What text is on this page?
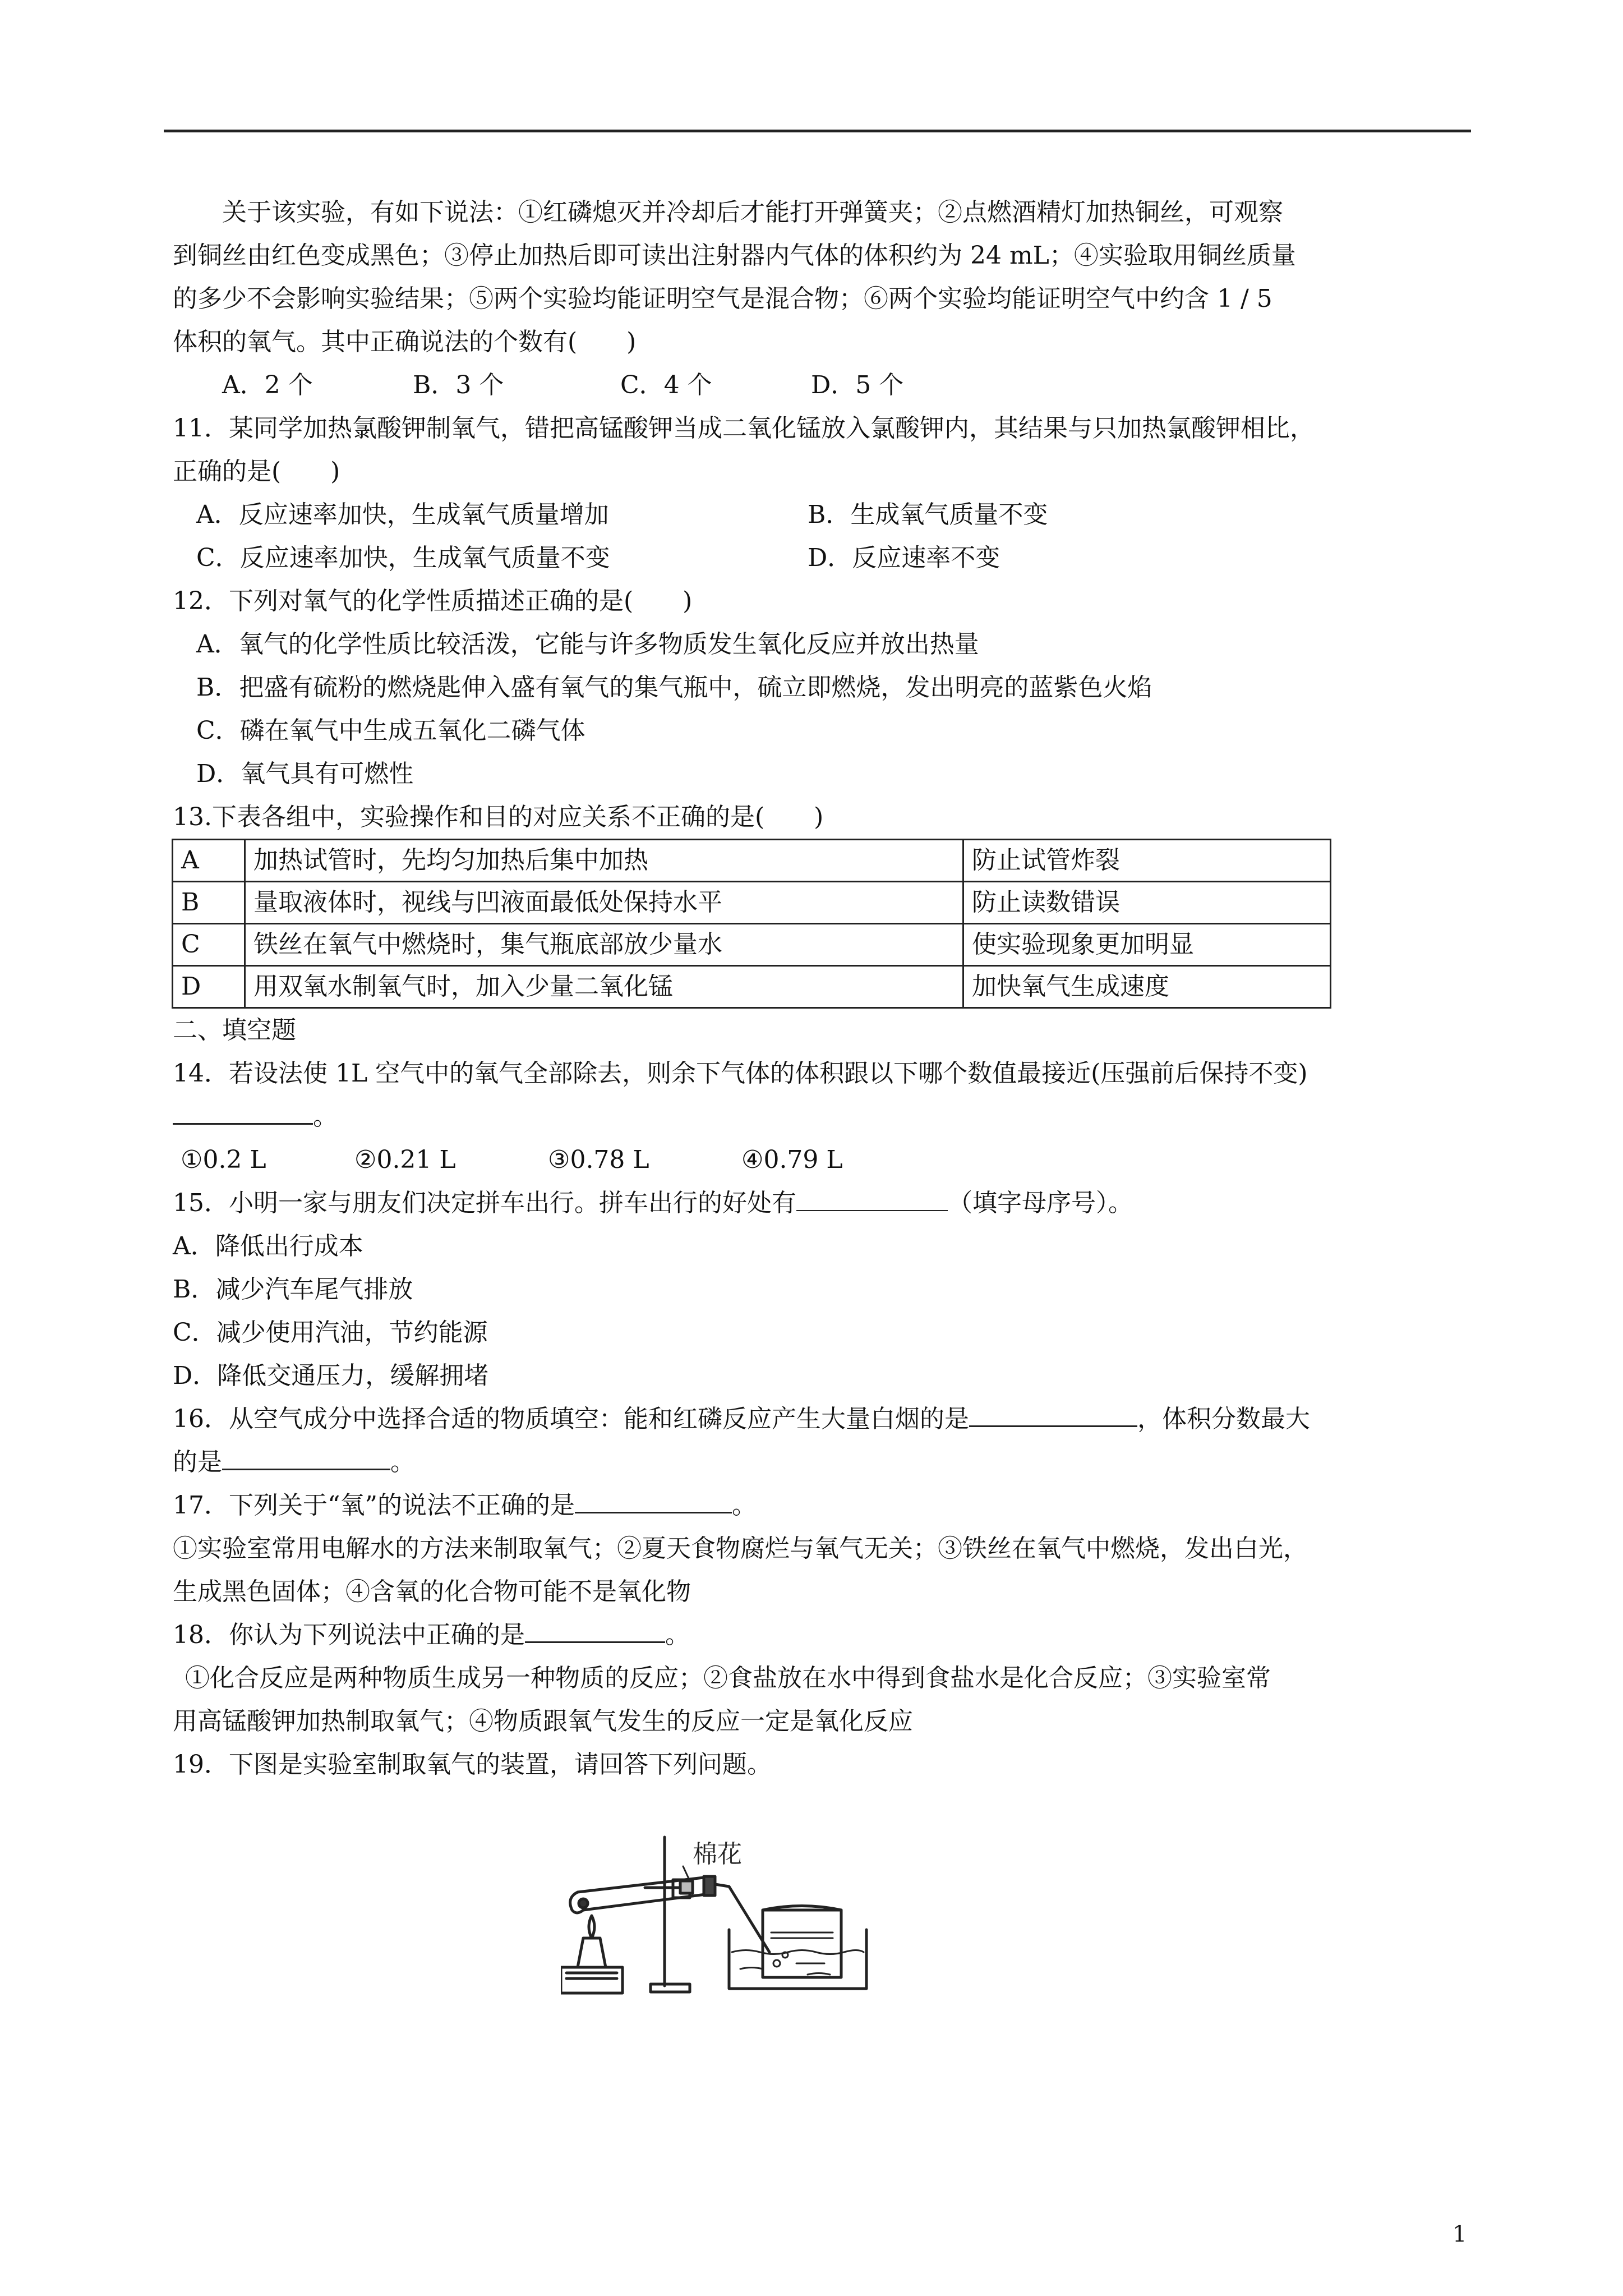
关于该实验，有如下说法：①红磷熄灭并冷却后才能打开弹簧夹；②点燃酒精灯加热铜丝，可观察

到铜丝由红色变成黑色；③停止加热后即可读出注射器内气体的体积约为 24 mL；④实验取用铜丝质量

的多少不会影响实验结果；⑤两个实验均能证明空气是混合物；⑥两个实验均能证明空气中约含 1 / 5

体积的氧气。其中正确说法的个数有(　　)

A．2 个	B．3 个	C．4 个	D．5 个

11．某同学加热氯酸钾制氧气，错把高锰酸钾当成二氧化锰放入氯酸钾内，其结果与只加热氯酸钾相比，

正确的是(　　)

A．反应速率加快，生成氧气质量增加	B．生成氧气质量不变
C．反应速率加快，生成氧气质量不变	D．反应速率不变

12．下列对氧气的化学性质描述正确的是(　　)

A．氧气的化学性质比较活泼，它能与许多物质发生氧化反应并放出热量

B．把盛有硫粉的燃烧匙伸入盛有氧气的集气瓶中，硫立即燃烧，发出明亮的蓝紫色火焰

C．磷在氧气中生成五氧化二磷气体

D．氧气具有可燃性

13.下表各组中，实验操作和目的对应关系不正确的是(　　)

A	加热试管时，先均匀加热后集中加热	防止试管炸裂
B	量取液体时，视线与凹液面最低处保持水平	防止读数错误
C	铁丝在氧气中燃烧时，集气瓶底部放少量水	使实验现象更加明显
D	用双氧水制氧气时，加入少量二氧化锰	加快氧气生成速度

二、填空题

14．若设法使 1L 空气中的氧气全部除去，则余下气体的体积跟以下哪个数值最接近(压强前后保持不变)

。

①0.2 L	②0.21 L	③0.78 L	④0.79 L

15．小明一家与朋友们决定拼车出行。拼车出行的好处有	（填字母序号）。

A．降低出行成本

B．减少汽车尾气排放

C．减少使用汽油，节约能源

D．降低交通压力，缓解拥堵

16．从空气成分中选择合适的物质填空：能和红磷反应产生大量白烟的是	，体积分数最大

的是	。

17．下列关于“氧”的说法不正确的是	。

①实验室常用电解水的方法来制取氧气；②夏天食物腐烂与氧气无关；③铁丝在氧气中燃烧，发出白光，

生成黑色固体；④含氧的化合物可能不是氧化物

18．你认为下列说法中正确的是	。

①化合反应是两种物质生成另一种物质的反应；②食盐放在水中得到食盐水是化合反应；③实验室常

用高锰酸钾加热制取氧气；④物质跟氧气发生的反应一定是氧化反应

19．下图是实验室制取氧气的装置，请回答下列问题。

棉花
1
